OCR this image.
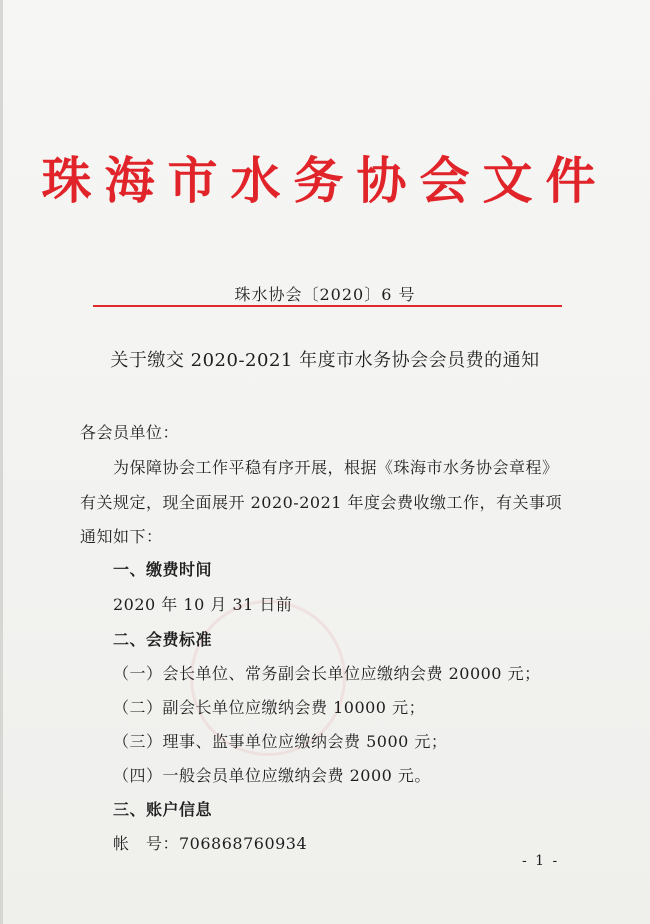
珠海市水务协会文件
珠水协会〔2020〕6 号
关于缴交 2020-2021 年度市水务协会会员费的通知
各会员单位：
为保障协会工作平稳有序开展，根据《珠海市水务协会章程》
有关规定，现全面展开 2020-2021 年度会费收缴工作，有关事项
通知如下：
一、缴费时间
2020 年 10 月 31 日前
二、会费标准
（一）会长单位、常务副会长单位应缴纳会费 20000 元；
（二）副会长单位应缴纳会费 10000 元；
（三）理事、监事单位应缴纳会费 5000 元；
（四）一般会员单位应缴纳会费 2000 元。
三、账户信息
帐　号：706868760934
- 1 -
